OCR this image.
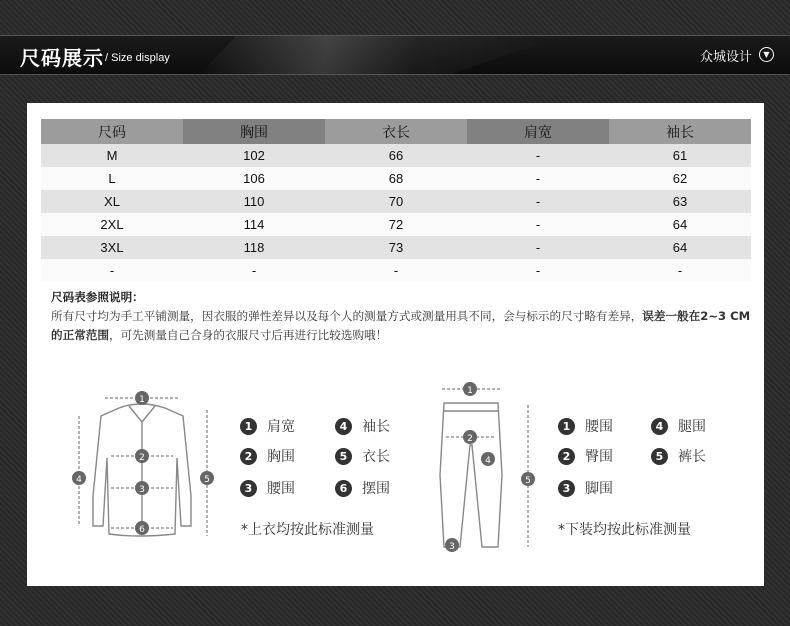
尺码展示 / Size display	众城设计	▼
尺码	胸围	衣长	肩宽	袖长
M	102	66	-	61
L	106	68	-	62
XL	110	70	-	63
2XL	114	72	-	64
3XL	118	73	-	64
-	-	-	-	-
尺码表参照说明：
所有尺寸均为手工平铺测量，因衣服的弹性差异以及每个人的测量方式或测量用具不同，会与标示的尺寸略有差异，误差一般在2~3 CM的正常范围，可先测量自己合身的衣服尺寸后再进行比较选购哦！
1
2
3
4	5
6
1 肩宽	4 袖长
2 胸围	5 衣长
3 腰围	6 摆围
*上衣均按此标准测量
1
2
3
4
5
1 腰围	4 腿围
2 臀围	5 裤长
3 脚围
*下装均按此标准测量
